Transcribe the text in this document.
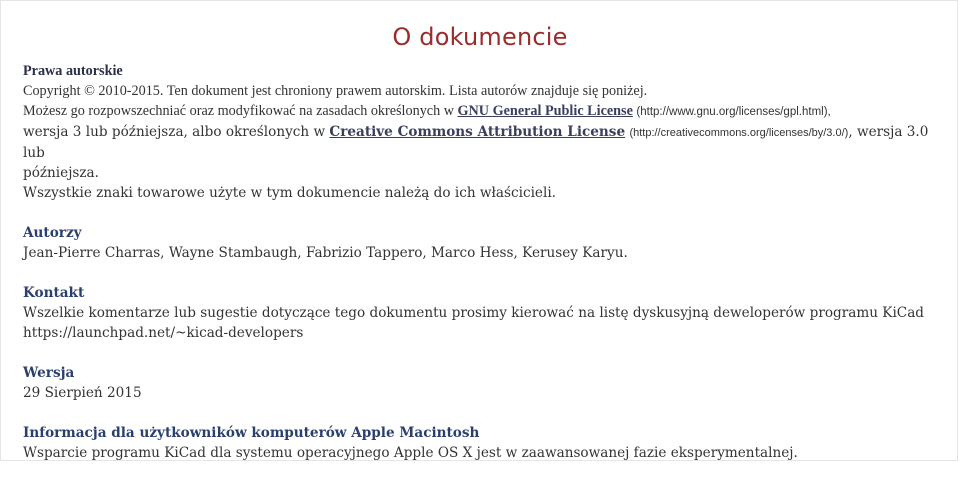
O dokumencie

Prawa autorskie

Copyright © 2010-2015. Ten dokument jest chroniony prawem autorskim. Lista autorów znajduje się poniżej.

Możesz go rozpowszechniać oraz modyfikować na zasadach określonych w GNU General Public License (http://www.gnu.org/licenses/gpl.html),

wersja 3 lub późniejsza, albo określonych w Creative Commons Attribution License (http://creativecommons.org/licenses/by/3.0/), wersja 3.0 lub

późniejsza.

Wszystkie znaki towarowe użyte w tym dokumencie należą do ich właścicieli.

Autorzy

Jean-Pierre Charras, Wayne Stambaugh, Fabrizio Tappero, Marco Hess, Kerusey Karyu.

Kontakt

Wszelkie komentarze lub sugestie dotyczące tego dokumentu prosimy kierować na listę dyskusyjną deweloperów programu KiCad

https://launchpad.net/~kicad-developers

Wersja

29 Sierpień 2015

Informacja dla użytkowników komputerów Apple Macintosh

Wsparcie programu KiCad dla systemu operacyjnego Apple OS X jest w zaawansowanej fazie eksperymentalnej.
